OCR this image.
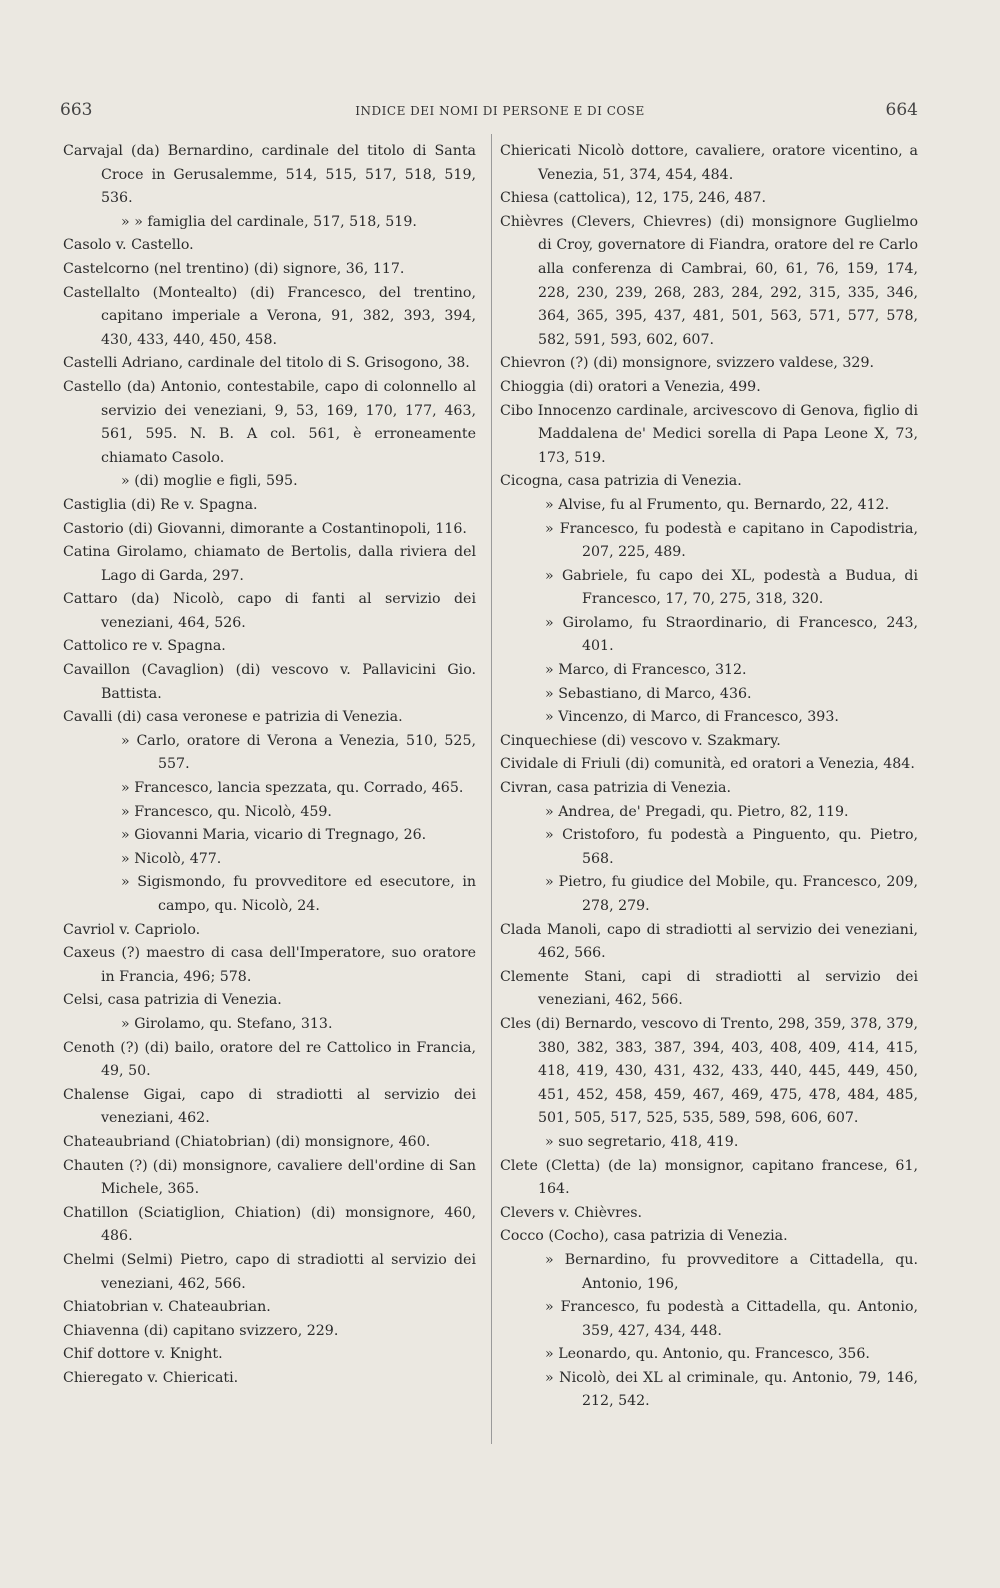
663	INDICE DEI NOMI DI PERSONE E DI COSE	664
Carvajal (da) Bernardino, cardinale del titolo di Santa Croce in Gerusalemme, 514, 515, 517, 518, 519, 536.
» » famiglia del cardinale, 517, 518, 519.
Casolo v. Castello.
Castelcorno (nel trentino) (di) signore, 36, 117.
Castellalto (Montealto) (di) Francesco, del trentino, capitano imperiale a Verona, 91, 382, 393, 394, 430, 433, 440, 450, 458.
Castelli Adriano, cardinale del titolo di S. Grisogono, 38.
Castello (da) Antonio, contestabile, capo di colonnello al servizio dei veneziani, 9, 53, 169, 170, 177, 463, 561, 595. N. B. A col. 561, è erroneamente chiamato Casolo.
» (di) moglie e figli, 595.
Castiglia (di) Re v. Spagna.
Castorio (di) Giovanni, dimorante a Costantinopoli, 116.
Catina Girolamo, chiamato de Bertolis, dalla riviera del Lago di Garda, 297.
Cattaro (da) Nicolò, capo di fanti al servizio dei veneziani, 464, 526.
Cattolico re v. Spagna.
Cavaillon (Cavaglion) (di) vescovo v. Pallavicini Gio. Battista.
Cavalli (di) casa veronese e patrizia di Venezia.
» Carlo, oratore di Verona a Venezia, 510, 525, 557.
» Francesco, lancia spezzata, qu. Corrado, 465.
» Francesco, qu. Nicolò, 459.
» Giovanni Maria, vicario di Tregnago, 26.
» Nicolò, 477.
» Sigismondo, fu provveditore ed esecutore, in campo, qu. Nicolò, 24.
Cavriol v. Capriolo.
Caxeus (?) maestro di casa dell'Imperatore, suo oratore in Francia, 496; 578.
Celsi, casa patrizia di Venezia.
» Girolamo, qu. Stefano, 313.
Cenoth (?) (di) bailo, oratore del re Cattolico in Francia, 49, 50.
Chalense Gigai, capo di stradiotti al servizio dei veneziani, 462.
Chateaubriand (Chiatobrian) (di) monsignore, 460.
Chauten (?) (di) monsignore, cavaliere dell'ordine di San Michele, 365.
Chatillon (Sciatiglion, Chiation) (di) monsignore, 460, 486.
Chelmi (Selmi) Pietro, capo di stradiotti al servizio dei veneziani, 462, 566.
Chiatobrian v. Chateaubrian.
Chiavenna (di) capitano svizzero, 229.
Chif dottore v. Knight.
Chieregato v. Chiericati.
Chiericati Nicolò dottore, cavaliere, oratore vicentino, a Venezia, 51, 374, 454, 484.
Chiesa (cattolica), 12, 175, 246, 487.
Chièvres (Clevers, Chievres) (di) monsignore Guglielmo di Croy, governatore di Fiandra, oratore del re Carlo alla conferenza di Cambrai, 60, 61, 76, 159, 174, 228, 230, 239, 268, 283, 284, 292, 315, 335, 346, 364, 365, 395, 437, 481, 501, 563, 571, 577, 578, 582, 591, 593, 602, 607.
Chievron (?) (di) monsignore, svizzero valdese, 329.
Chioggia (di) oratori a Venezia, 499.
Cibo Innocenzo cardinale, arcivescovo di Genova, figlio di Maddalena de' Medici sorella di Papa Leone X, 73, 173, 519.
Cicogna, casa patrizia di Venezia.
» Alvise, fu al Frumento, qu. Bernardo, 22, 412.
» Francesco, fu podestà e capitano in Capodistria, 207, 225, 489.
» Gabriele, fu capo dei XL, podestà a Budua, di Francesco, 17, 70, 275, 318, 320.
» Girolamo, fu Straordinario, di Francesco, 243, 401.
» Marco, di Francesco, 312.
» Sebastiano, di Marco, 436.
» Vincenzo, di Marco, di Francesco, 393.
Cinquechiese (di) vescovo v. Szakmary.
Cividale di Friuli (di) comunità, ed oratori a Venezia, 484.
Civran, casa patrizia di Venezia.
» Andrea, de' Pregadi, qu. Pietro, 82, 119.
» Cristoforo, fu podestà a Pinguento, qu. Pietro, 568.
» Pietro, fu giudice del Mobile, qu. Francesco, 209, 278, 279.
Clada Manoli, capo di stradiotti al servizio dei veneziani, 462, 566.
Clemente Stani, capi di stradiotti al servizio dei veneziani, 462, 566.
Cles (di) Bernardo, vescovo di Trento, 298, 359, 378, 379, 380, 382, 383, 387, 394, 403, 408, 409, 414, 415, 418, 419, 430, 431, 432, 433, 440, 445, 449, 450, 451, 452, 458, 459, 467, 469, 475, 478, 484, 485, 501, 505, 517, 525, 535, 589, 598, 606, 607.
» suo segretario, 418, 419.
Clete (Cletta) (de la) monsignor, capitano francese, 61, 164.
Clevers v. Chièvres.
Cocco (Cocho), casa patrizia di Venezia.
» Bernardino, fu provveditore a Cittadella, qu. Antonio, 196,
» Francesco, fu podestà a Cittadella, qu. Antonio, 359, 427, 434, 448.
» Leonardo, qu. Antonio, qu. Francesco, 356.
» Nicolò, dei XL al criminale, qu. Antonio, 79, 146, 212, 542.
